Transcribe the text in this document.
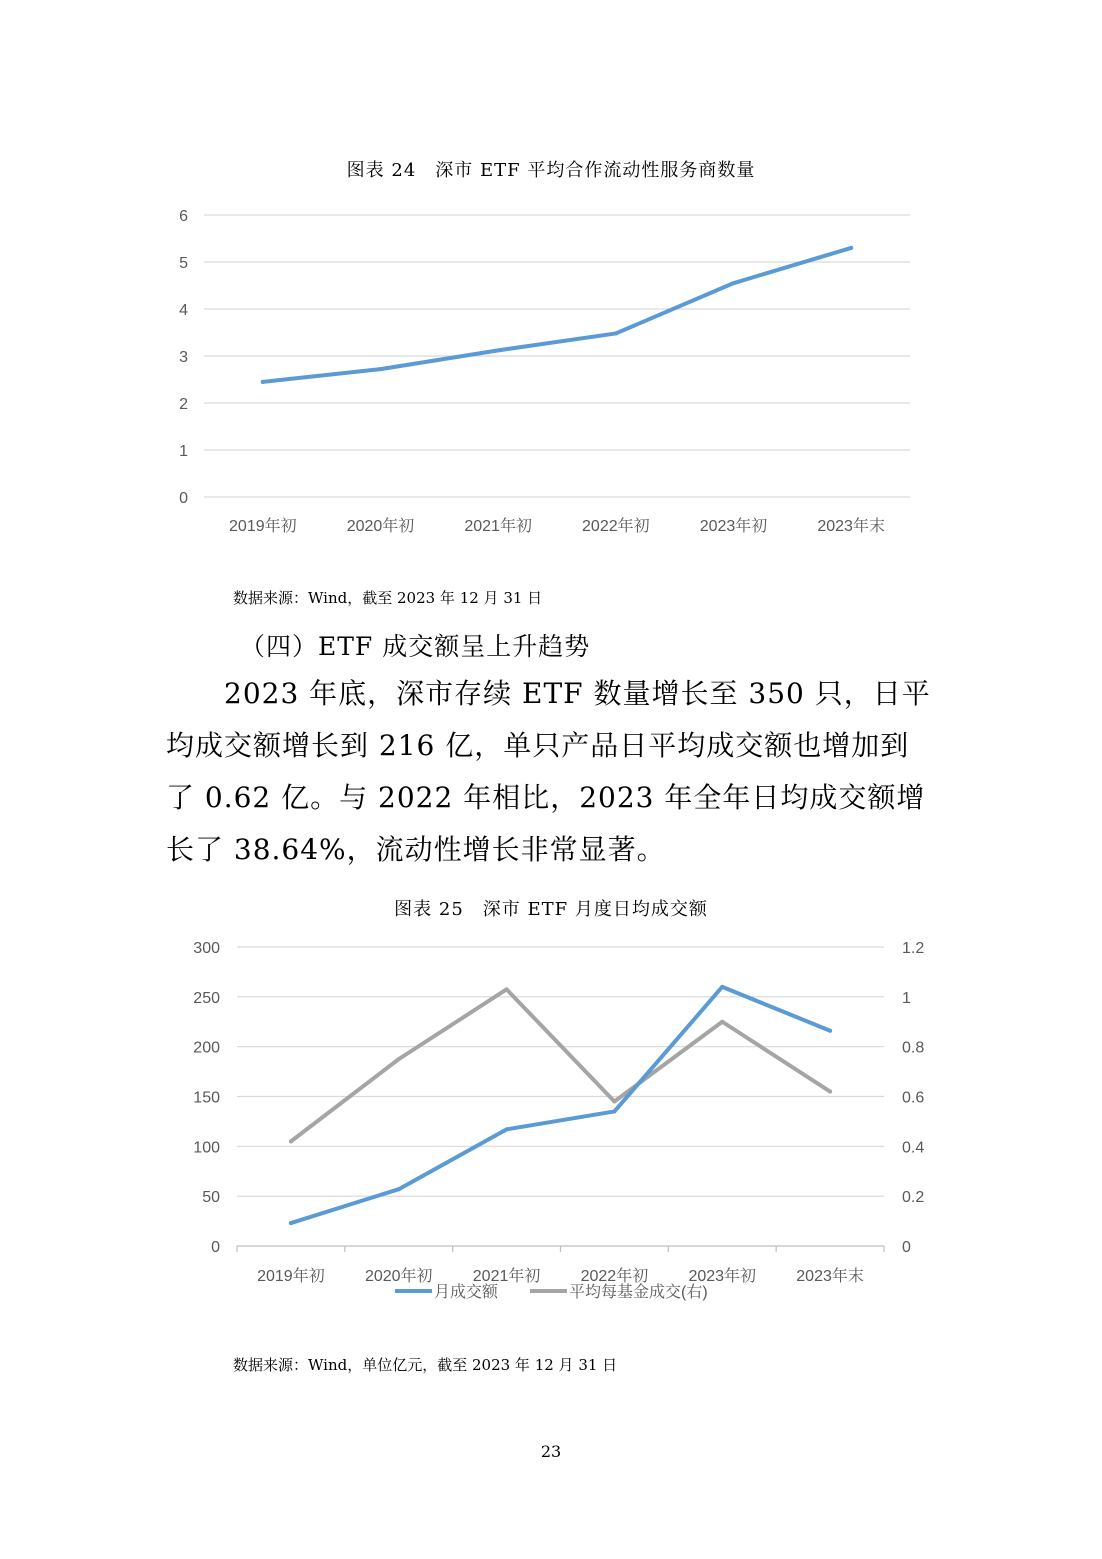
图表 24　深市 ETF 平均合作流动性服务商数量
0
1
2
3
4
5
6
2019年初	2020年初	2021年初	2022年初	2023年初	2023年末
数据来源：Wind，截至 2023 年 12 月 31 日
（四）ETF 成交额呈上升趋势

2023 年底，深市存续 ETF 数量增长至 350 只，日平均成交额增长到 216 亿，单只产品日平均成交额也增加到了 0.62 亿。与 2022 年相比，2023 年全年日均成交额增长了 38.64%，流动性增长非常显著。

图表 25　深市 ETF 月度日均成交额
0
50
100
150
200
250
300
0
0.2
0.4
0.6
0.8
1
1.2
2019年初	2020年初	2021年初	2022年初	2023年初	2023年末
月成交额	平均每基金成交(右)
数据来源：Wind，单位亿元，截至 2023 年 12 月 31 日
23
